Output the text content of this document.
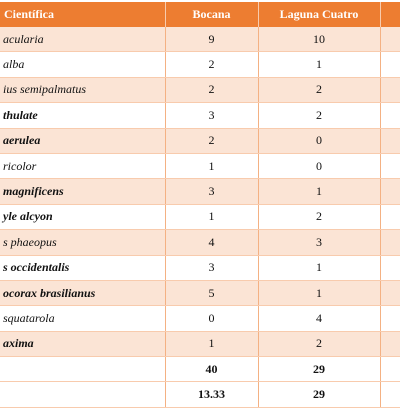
Científica	Bocana	Laguna Cuatro	
acularia	9	10	
alba	2	1	
ius semipalmatus	2	2	
thulate	3	2	
aerulea	2	0	
ricolor	1	0	
magnificens	3	1	
yle alcyon	1	2	
s phaeopus	4	3	
s occidentalis	3	1	
ocorax brasilianus	5	1	
squatarola	0	4	
axima	1	2	
	40	29	
	13.33	29	
